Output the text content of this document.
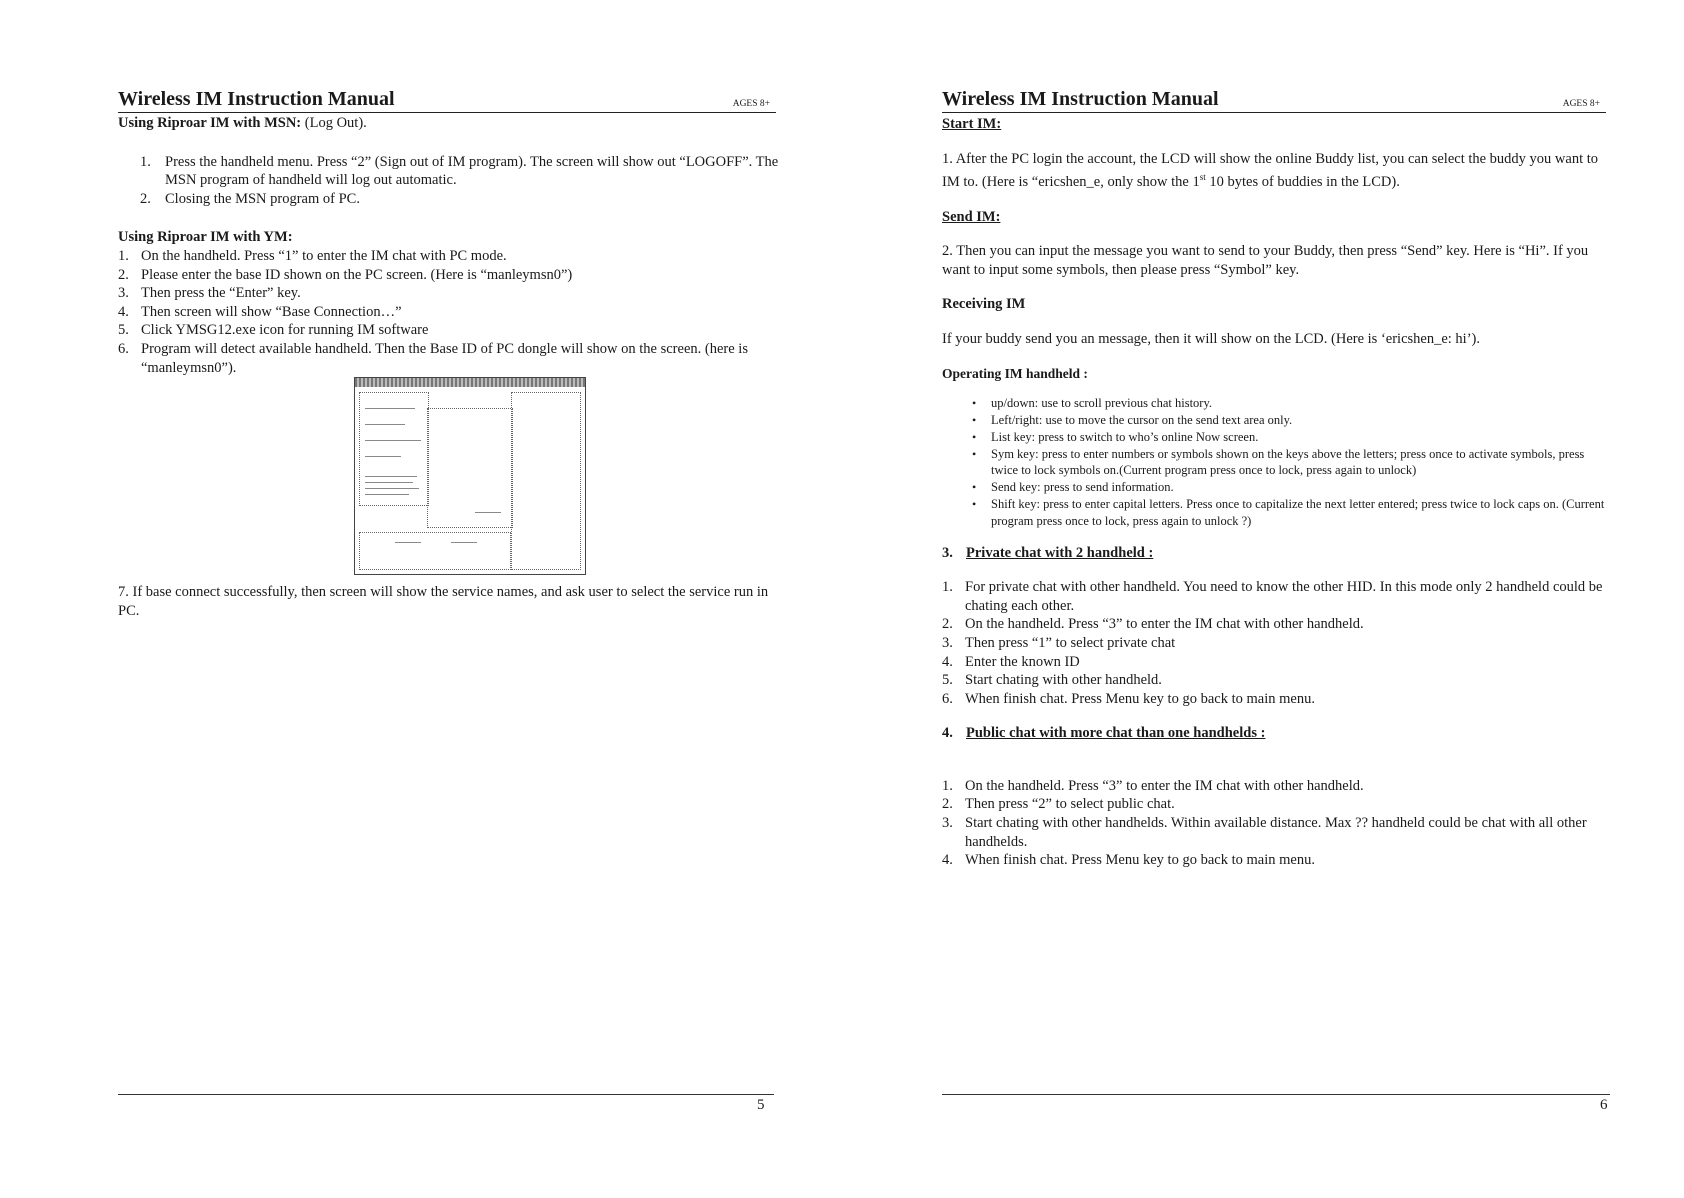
Wireless IM Instruction Manual	AGES 8+

Using Riproar IM with MSN: (Log Out).

1. Press the handheld menu. Press “2” (Sign out of IM program). The screen will show out “LOGOFF”. The MSN program of handheld will log out automatic.
2. Closing the MSN program of PC.

Using Riproar IM with YM:

1. On the handheld. Press “1” to enter the IM chat with PC mode.
2. Please enter the base ID shown on the PC screen. (Here is “manleymsn0”)
3. Then press the “Enter” key.
4. Then screen will show “Base Connection…”
5. Click YMSG12.exe icon for running IM software
6. Program will detect available handheld. Then the Base ID of PC dongle will show on the screen. (here is “manleymsn0”).

7. If base connect successfully, then screen will show the service names, and ask user to select the service run in PC.

5
Wireless IM Instruction Manual	AGES 8+

Start IM:

1. After the PC login the account, the LCD will show the online Buddy list, you can select the buddy you want to IM to. (Here is “ericshen_e, only show the 1st 10 bytes of buddies in the LCD).

Send IM:

2. Then you can input the message you want to send to your Buddy, then press “Send” key. Here is “Hi”. If you want to input some symbols, then please press “Symbol” key.

Receiving IM

If your buddy send you an message, then it will show on the LCD. (Here is ‘ericshen_e: hi’).

Operating IM handheld :

• up/down: use to scroll previous chat history.
• Left/right: use to move the cursor on the send text area only.
• List key: press to switch to who’s online Now screen.
• Sym key: press to enter numbers or symbols shown on the keys above the letters; press once to activate symbols, press twice to lock symbols on.(Current program press once to lock, press again to unlock)
• Send key: press to send information.
• Shift key: press to enter capital letters. Press once to capitalize the next letter entered; press twice to lock caps on. (Current program press once to lock, press again to unlock ?)

3. Private chat with 2 handheld :

1. For private chat with other handheld. You need to know the other HID. In this mode only 2 handheld could be chating each other.
2. On the handheld. Press “3” to enter the IM chat with other handheld.
3. Then press “1” to select private chat
4. Enter the known ID
5. Start chating with other handheld.
6. When finish chat. Press Menu key to go back to main menu.

4. Public chat with more chat than one handhelds :

1. On the handheld. Press “3” to enter the IM chat with other handheld.
2. Then press “2” to select public chat.
3. Start chating with other handhelds. Within available distance. Max ?? handheld could be chat with all other handhelds.
4. When finish chat. Press Menu key to go back to main menu.
6
